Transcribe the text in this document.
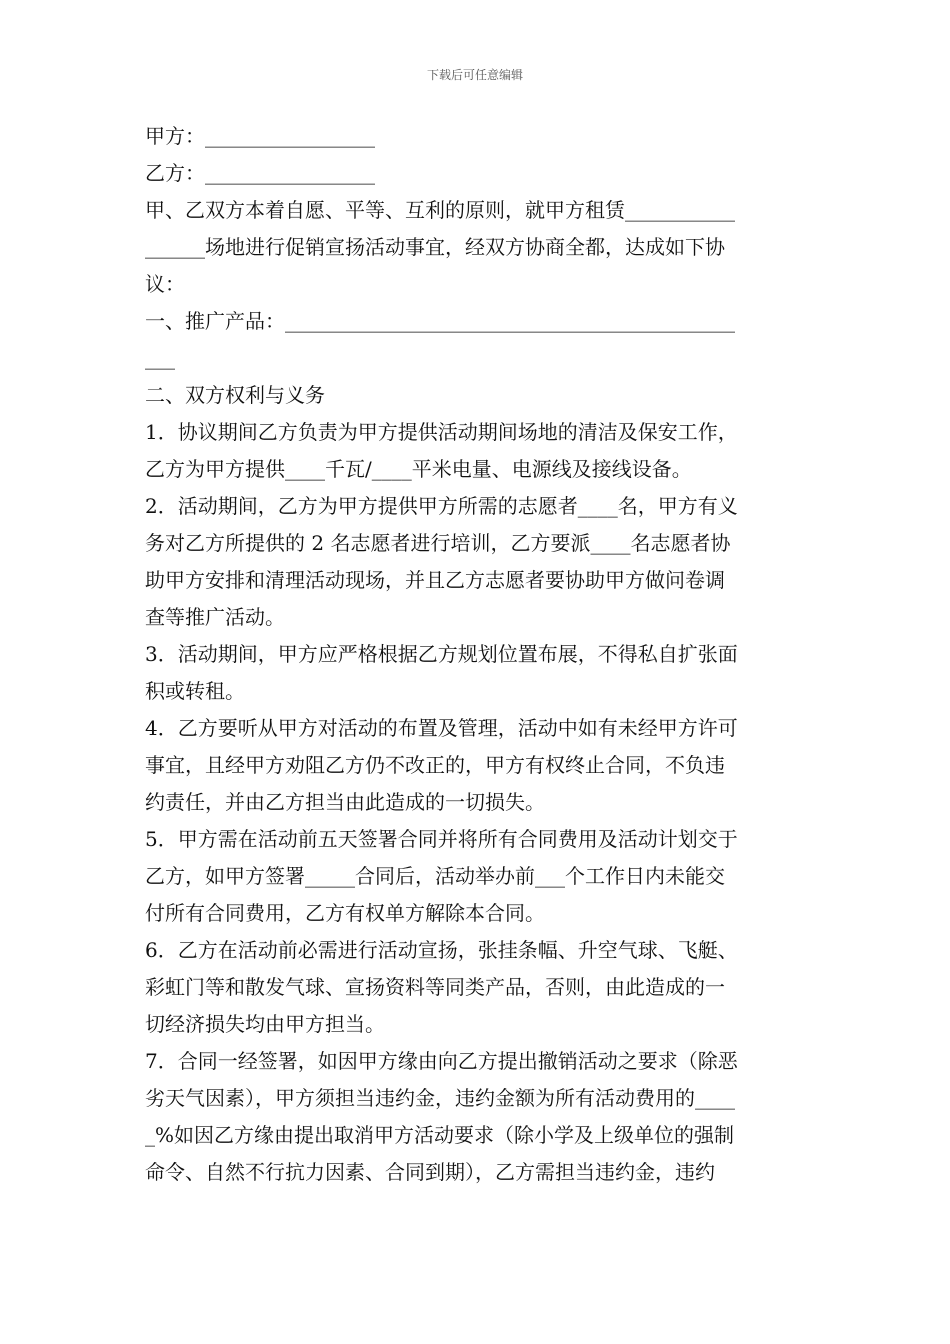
下载后可任意编辑
甲方：_________________
乙方：_________________
甲、乙双方本着自愿、平等、互利的原则，就甲方租赁___________
______场地进行促销宣扬活动事宜，经双方协商全都，达成如下协
议：
一、推广产品：_____________________________________________
___
二、双方权利与义务
1．协议期间乙方负责为甲方提供活动期间场地的清洁及保安工作，
乙方为甲方提供____千瓦/____平米电量、电源线及接线设备。
2．活动期间，乙方为甲方提供甲方所需的志愿者____名，甲方有义
务对乙方所提供的 2 名志愿者进行培训，乙方要派____名志愿者协
助甲方安排和清理活动现场，并且乙方志愿者要协助甲方做问卷调
查等推广活动。
3．活动期间，甲方应严格根据乙方规划位置布展，不得私自扩张面
积或转租。
4．乙方要听从甲方对活动的布置及管理，活动中如有未经甲方许可
事宜，且经甲方劝阻乙方仍不改正的，甲方有权终止合同，不负违
约责任，并由乙方担当由此造成的一切损失。
5．甲方需在活动前五天签署合同并将所有合同费用及活动计划交于
乙方，如甲方签署_____合同后，活动举办前___个工作日内未能交
付所有合同费用，乙方有权单方解除本合同。
6．乙方在活动前必需进行活动宣扬，张挂条幅、升空气球、飞艇、
彩虹门等和散发气球、宣扬资料等同类产品，否则，由此造成的一
切经济损失均由甲方担当。
7．合同一经签署，如因甲方缘由向乙方提出撤销活动之要求（除恶
劣天气因素），甲方须担当违约金，违约金额为所有活动费用的____
_%如因乙方缘由提出取消甲方活动要求（除小学及上级单位的强制
命令、自然不行抗力因素、合同到期），乙方需担当违约金，违约
